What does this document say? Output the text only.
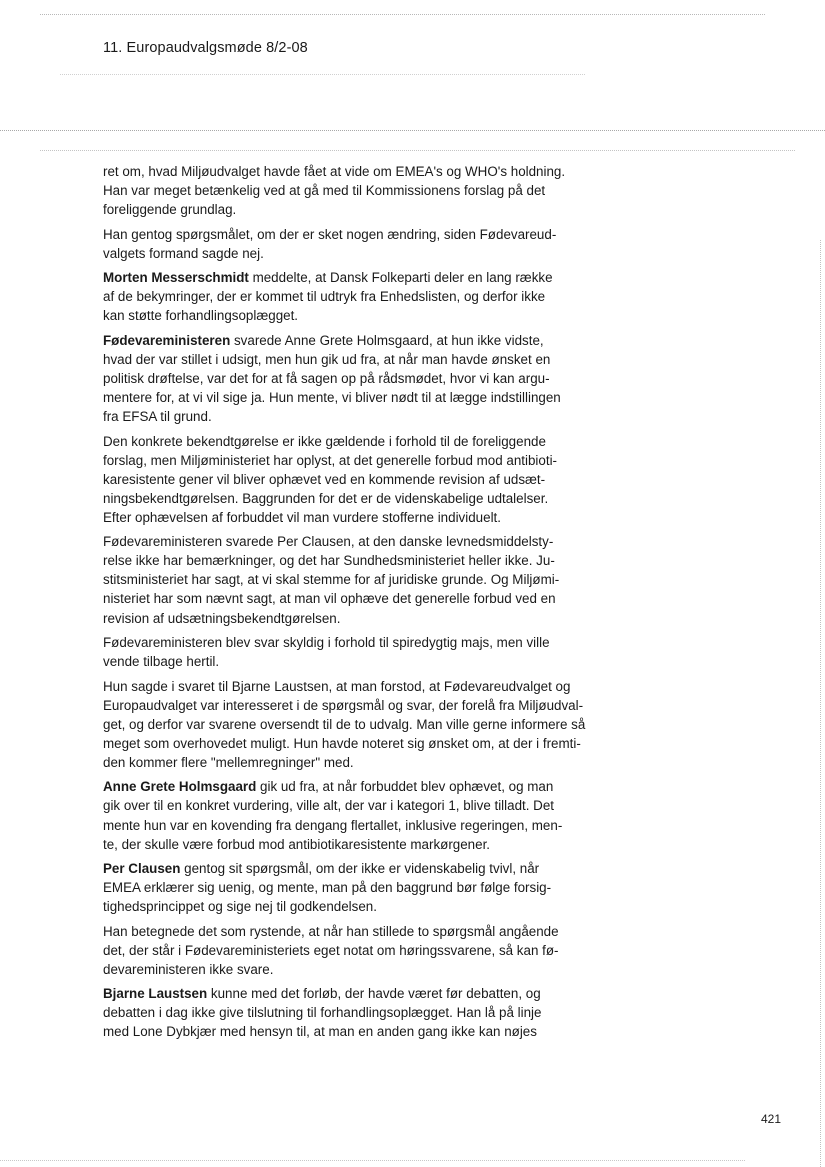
11. Europaudvalgsmøde 8/2-08

ret om, hvad Miljøudvalget havde fået at vide om EMEA's og WHO's holdning.
Han var meget betænkelig ved at gå med til Kommissionens forslag på det
foreliggende grundlag.

Han gentog spørgsmålet, om der er sket nogen ændring, siden Fødevareud-
valgets formand sagde nej.

Morten Messerschmidt meddelte, at Dansk Folkeparti deler en lang række
af de bekymringer, der er kommet til udtryk fra Enhedslisten, og derfor ikke
kan støtte forhandlingsoplægget.

Fødevareministeren svarede Anne Grete Holmsgaard, at hun ikke vidste,
hvad der var stillet i udsigt, men hun gik ud fra, at når man havde ønsket en
politisk drøftelse, var det for at få sagen op på rådsmødet, hvor vi kan argu-
mentere for, at vi vil sige ja. Hun mente, vi bliver nødt til at lægge indstillingen
fra EFSA til grund.

Den konkrete bekendtgørelse er ikke gældende i forhold til de foreliggende
forslag, men Miljøministeriet har oplyst, at det generelle forbud mod antibioti-
karesistente gener vil bliver ophævet ved en kommende revision af udsæt-
ningsbekendtgørelsen. Baggrunden for det er de videnskabelige udtalelser.
Efter ophævelsen af forbuddet vil man vurdere stofferne individuelt.

Fødevareministeren svarede Per Clausen, at den danske levnedsmiddelsty-
relse ikke har bemærkninger, og det har Sundhedsministeriet heller ikke. Ju-
stitsministeriet har sagt, at vi skal stemme for af juridiske grunde. Og Miljømi-
nisteriet har som nævnt sagt, at man vil ophæve det generelle forbud ved en
revision af udsætningsbekendtgørelsen.

Fødevareministeren blev svar skyldig i forhold til spiredygtig majs, men ville
vende tilbage hertil.

Hun sagde i svaret til Bjarne Laustsen, at man forstod, at Fødevareudvalget og
Europaudvalget var interesseret i de spørgsmål og svar, der forelå fra Miljøudval-
get, og derfor var svarene oversendt til de to udvalg. Man ville gerne informere så
meget som overhovedet muligt. Hun havde noteret sig ønsket om, at der i fremti-
den kommer flere "mellemregninger" med.

Anne Grete Holmsgaard gik ud fra, at når forbuddet blev ophævet, og man
gik over til en konkret vurdering, ville alt, der var i kategori 1, blive tilladt. Det
mente hun var en kovending fra dengang flertallet, inklusive regeringen, men-
te, der skulle være forbud mod antibiotikaresistente markørgener.

Per Clausen gentog sit spørgsmål, om der ikke er videnskabelig tvivl, når
EMEA erklærer sig uenig, og mente, man på den baggrund bør følge forsig-
tighedsprincippet og sige nej til godkendelsen.

Han betegnede det som rystende, at når han stillede to spørgsmål angående
det, der står i Fødevareministeriets eget notat om høringssvarene, så kan fø-
devareministeren ikke svare.

Bjarne Laustsen kunne med det forløb, der havde været før debatten, og
debatten i dag ikke give tilslutning til forhandlingsoplægget. Han lå på linje
med Lone Dybkjær med hensyn til, at man en anden gang ikke kan nøjes

421
